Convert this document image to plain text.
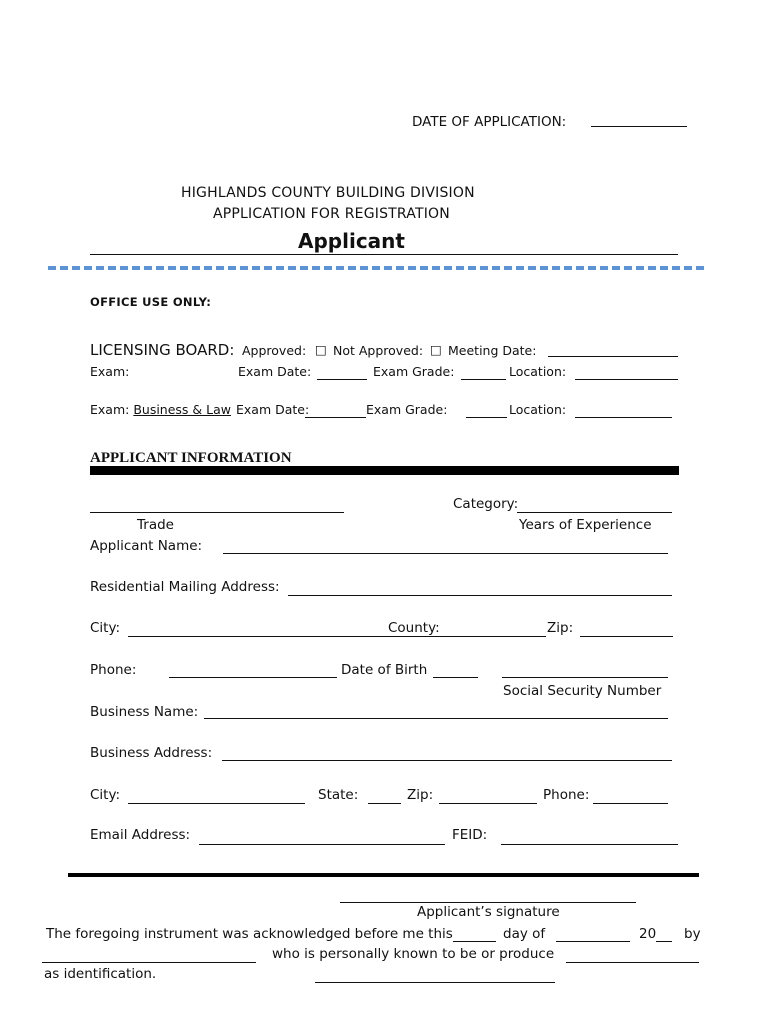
DATE OF APPLICATION:
HIGHLANDS COUNTY BUILDING DIVISION
APPLICATION FOR REGISTRATION
Applicant
OFFICE USE ONLY:
LICENSING BOARD: Approved: □ Not Approved: □ Meeting Date:
Exam:	Exam Date:	Exam Grade:	Location:
Exam: Business & Law Exam Date:	Exam Grade:	Location:
APPLICANT INFORMATION
Category:
Trade	Years of Experience
Applicant Name:
Residential Mailing Address:
City:	County:	Zip:
Phone:	Date of Birth
Social Security Number
Business Name:
Business Address:
City:	State:	Zip:	Phone:
Email Address:	FEID:
Applicant’s signature
The foregoing instrument was acknowledged before me this	day of	20 by
who is personally known to be or produce
as identification.
